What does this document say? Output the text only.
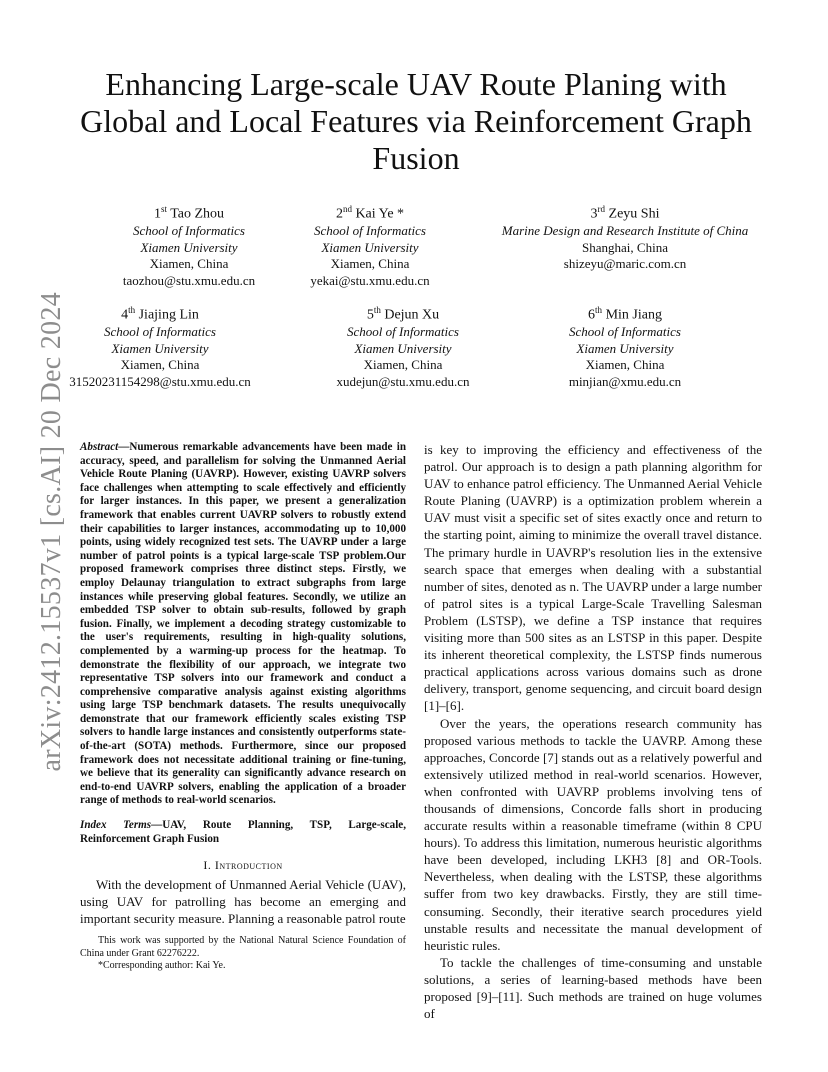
arXiv:2412.15537v1 [cs.AI] 20 Dec 2024
Enhancing Large-scale UAV Route Planing with Global and Local Features via Reinforcement Graph Fusion
1st Tao Zhou
School of Informatics
Xiamen University
Xiamen, China
taozhou@stu.xmu.edu.cn
2nd Kai Ye *
School of Informatics
Xiamen University
Xiamen, China
yekai@stu.xmu.edu.cn
3rd Zeyu Shi
Marine Design and Research Institute of China
Shanghai, China
shizeyu@maric.com.cn
4th Jiajing Lin
School of Informatics
Xiamen University
Xiamen, China
31520231154298@stu.xmu.edu.cn
5th Dejun Xu
School of Informatics
Xiamen University
Xiamen, China
xudejun@stu.xmu.edu.cn
6th Min Jiang
School of Informatics
Xiamen University
Xiamen, China
minjian@xmu.edu.cn
Abstract—Numerous remarkable advancements have been made in accuracy, speed, and parallelism for solving the Unmanned Aerial Vehicle Route Planing (UAVRP). However, existing UAVRP solvers face challenges when attempting to scale effectively and efficiently for larger instances. In this paper, we present a generalization framework that enables current UAVRP solvers to robustly extend their capabilities to larger instances, accommodating up to 10,000 points, using widely recognized test sets. The UAVRP under a large number of patrol points is a typical large-scale TSP problem.Our proposed framework comprises three distinct steps. Firstly, we employ Delaunay triangulation to extract subgraphs from large instances while preserving global features. Secondly, we utilize an embedded TSP solver to obtain sub-results, followed by graph fusion. Finally, we implement a decoding strategy customizable to the user's requirements, resulting in high-quality solutions, complemented by a warming-up process for the heatmap. To demonstrate the flexibility of our approach, we integrate two representative TSP solvers into our framework and conduct a comprehensive comparative analysis against existing algorithms using large TSP benchmark datasets. The results unequivocally demonstrate that our framework efficiently scales existing TSP solvers to handle large instances and consistently outperforms state-of-the-art (SOTA) methods. Furthermore, since our proposed framework does not necessitate additional training or fine-tuning, we believe that its generality can significantly advance research on end-to-end UAVRP solvers, enabling the application of a broader range of methods to real-world scenarios.
Index Terms—UAV, Route Planning, TSP, Large-scale, Reinforcement Graph Fusion
I. Introduction
With the development of Unmanned Aerial Vehicle (UAV), using UAV for patrolling has become an emerging and important security measure. Planning a reasonable patrol route
This work was supported by the National Natural Science Foundation of China under Grant 62276222.
*Corresponding author: Kai Ye.

is key to improving the efficiency and effectiveness of the patrol. Our approach is to design a path planning algorithm for UAV to enhance patrol efficiency. The Unmanned Aerial Vehicle Route Planing (UAVRP) is a optimization problem wherein a UAV must visit a specific set of sites exactly once and return to the starting point, aiming to minimize the overall travel distance. The primary hurdle in UAVRP's resolution lies in the extensive search space that emerges when dealing with a substantial number of sites, denoted as n. The UAVRP under a large number of patrol sites is a typical Large-Scale Travelling Salesman Problem (LSTSP), we define a TSP instance that requires visiting more than 500 sites as an LSTSP in this paper. Despite its inherent theoretical complexity, the LSTSP finds numerous practical applications across various domains such as drone delivery, transport, genome sequencing, and circuit board design [1]–[6].

Over the years, the operations research community has proposed various methods to tackle the UAVRP. Among these approaches, Concorde [7] stands out as a relatively powerful and extensively utilized method in real-world scenarios. However, when confronted with UAVRP problems involving tens of thousands of dimensions, Concorde falls short in producing accurate results within a reasonable timeframe (within 8 CPU hours). To address this limitation, numerous heuristic algorithms have been developed, including LKH3 [8] and OR-Tools. Nevertheless, when dealing with the LSTSP, these algorithms suffer from two key drawbacks. Firstly, they are still time-consuming. Secondly, their iterative search procedures yield unstable results and necessitate the manual development of heuristic rules.

To tackle the challenges of time-consuming and unstable solutions, a series of learning-based methods have been proposed [9]–[11]. Such methods are trained on huge volumes of
